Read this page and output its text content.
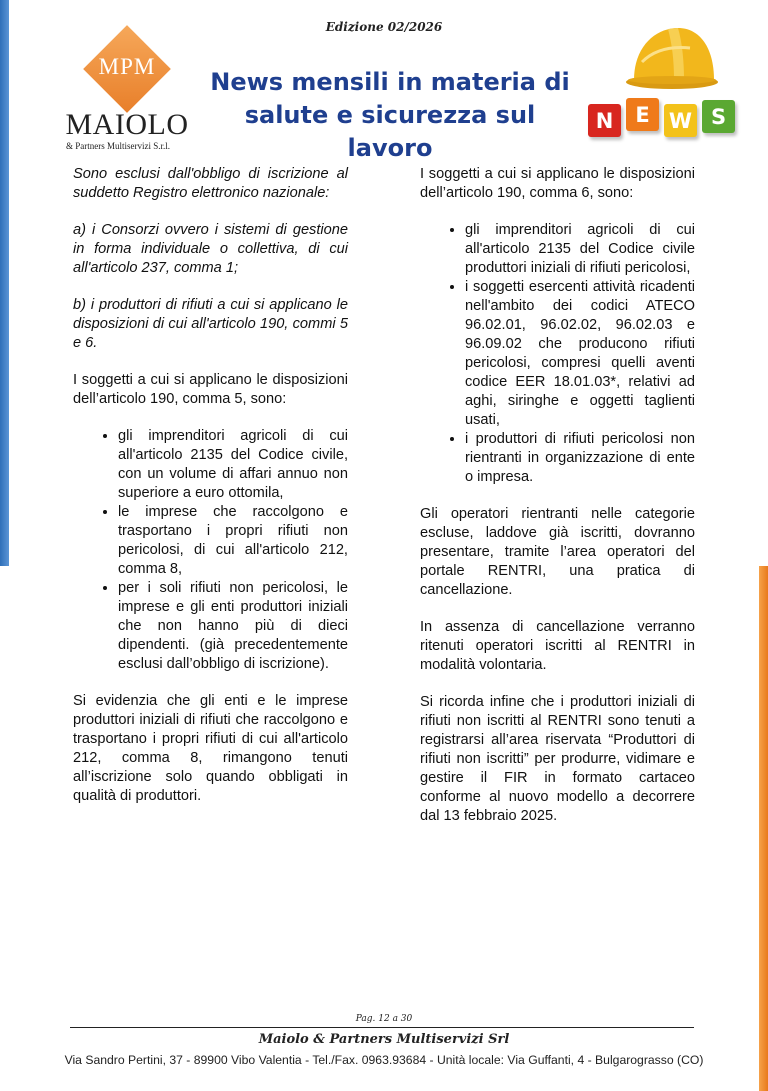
Edizione 02/2026
MPM
MAIOLO
& Partners Multiservizi S.r.l.
News mensili in materia di salute e sicurezza sul lavoro
N	E W S

Sono esclusi dall'obbligo di iscrizione al suddetto Registro elettronico nazionale:

a) i Consorzi ovvero i sistemi di gestione in forma individuale o collettiva, di cui all'articolo 237, comma 1;

b) i produttori di rifiuti a cui si applicano le disposizioni di cui all'articolo 190, commi 5 e 6.

I soggetti a cui si applicano le disposizioni dell’articolo 190, comma 5, sono:

• gli imprenditori agricoli di cui all'articolo 2135 del Codice civile, con un volume di affari annuo non superiore a euro ottomila,
• le imprese che raccolgono e trasportano i propri rifiuti non pericolosi, di cui all'articolo 212, comma 8,
• per i soli rifiuti non pericolosi, le imprese e gli enti produttori iniziali che non hanno più di dieci dipendenti. (già precedentemente esclusi dall’obbligo di iscrizione).

Si evidenzia che gli enti e le imprese produttori iniziali di rifiuti che raccolgono e trasportano i propri rifiuti di cui all'articolo 212, comma 8, rimangono tenuti all’iscrizione solo quando obbligati in qualità di produttori.

I soggetti a cui si applicano le disposizioni dell’articolo 190, comma 6, sono:

• gli imprenditori agricoli di cui all'articolo 2135 del Codice civile produttori iniziali di rifiuti pericolosi,
• i soggetti esercenti attività ricadenti nell'ambito dei codici ATECO 96.02.01, 96.02.02, 96.02.03 e 96.09.02 che producono rifiuti pericolosi, compresi quelli aventi codice EER 18.01.03*, relativi ad aghi, siringhe e oggetti taglienti usati,
• i produttori di rifiuti pericolosi non rientranti in organizzazione di ente o impresa.

Gli operatori rientranti nelle categorie escluse, laddove già iscritti, dovranno presentare, tramite l’area operatori del portale RENTRI, una pratica di cancellazione.

In assenza di cancellazione verranno ritenuti operatori iscritti al RENTRI in modalità volontaria.

Si ricorda infine che i produttori iniziali di rifiuti non iscritti al RENTRI sono tenuti a registrarsi all’area riservata “Produttori di rifiuti non iscritti” per produrre, vidimare e gestire il FIR in formato cartaceo conforme al nuovo modello a decorrere dal 13 febbraio 2025.

Pag. 12 a 30
Maiolo & Partners Multiservizi Srl
Via Sandro Pertini, 37 - 89900 Vibo Valentia - Tel./Fax. 0963.93684 - Unità locale: Via Guffanti, 4 - Bulgarograsso (CO)
